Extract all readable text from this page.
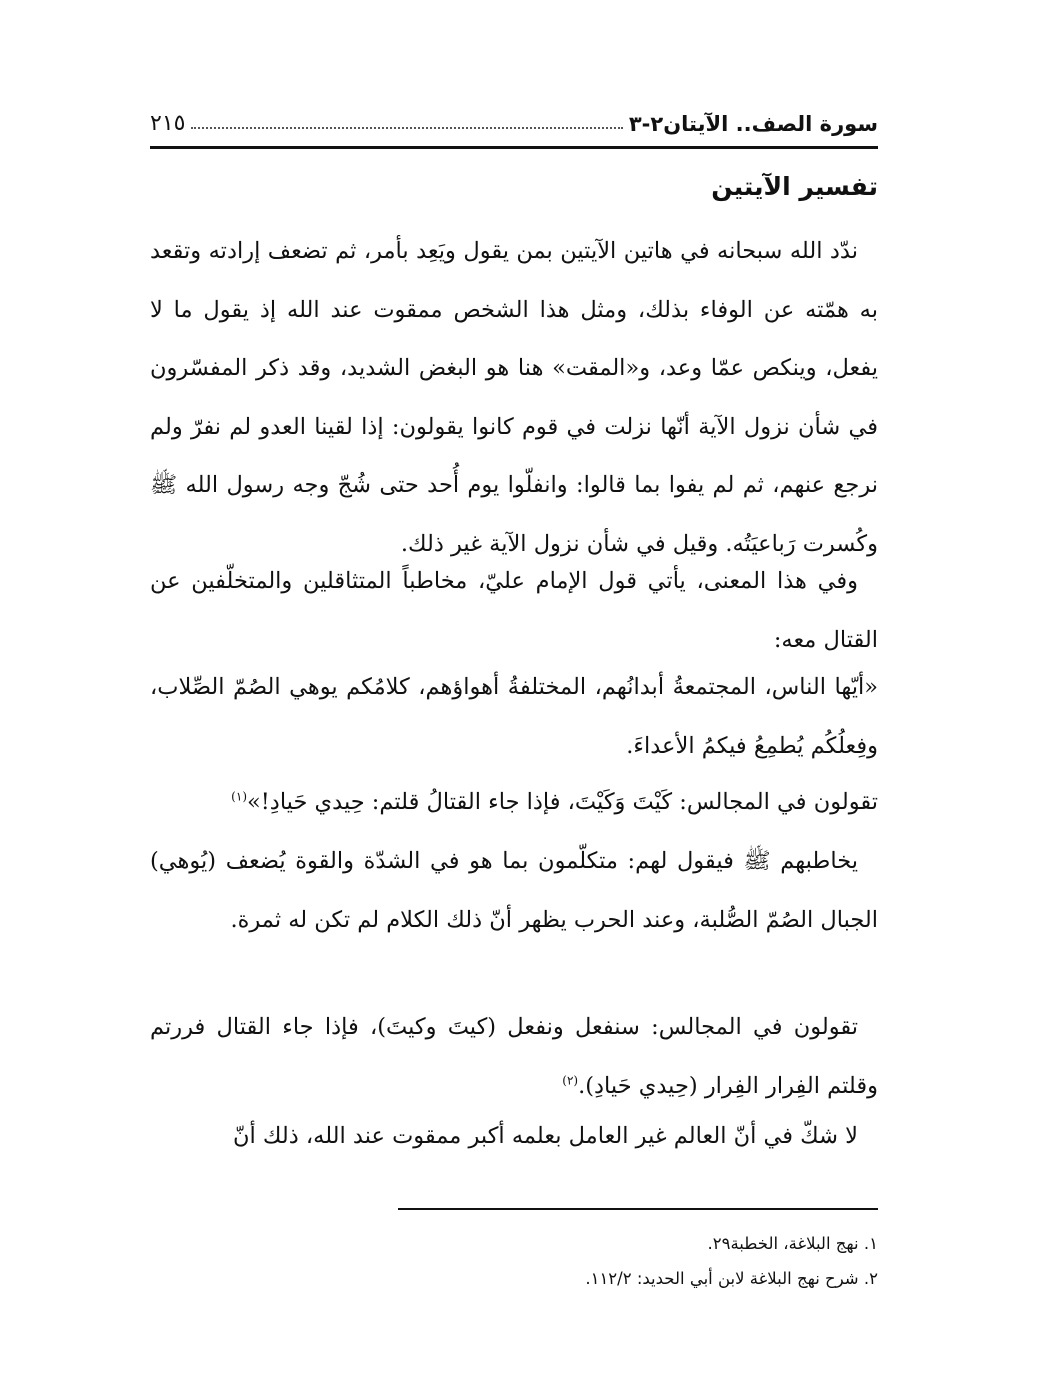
سورة الصف.. الآيتان٢-٣
٢١٥
تفسير الآيتين

ندّد الله سبحانه في هاتين الآيتين بمن يقول ويَعِد بأمر، ثم تضعف إرادته وتقعد به همّته عن الوفاء بذلك، ومثل هذا الشخص ممقوت عند الله إذ يقول ما لا يفعل، وينكص عمّا وعد، و«المقت» هنا هو البغض الشديد، وقد ذكر المفسّرون في شأن نزول الآية أنّها نزلت في قوم كانوا يقولون: إذا لقينا العدو لم نفرّ ولم نرجع عنهم، ثم لم يفوا بما قالوا: وانفلّوا يوم أُحد حتى شُجّ وجه رسول الله ﷺ وكُسرت رَباعيَتُه. وقيل في شأن نزول الآية غير ذلك.

وفي هذا المعنى، يأتي قول الإمام عليّ، مخاطباً المتثاقلين والمتخلّفين عن القتال معه:

«أيّها الناس، المجتمعةُ أبدانُهم، المختلفةُ أهواؤهم، كلامُكم يوهي الصُمّ الصِّلاب، وفِعلُكُم يُطمِعُ فيكمُ الأعداءَ.

تقولون في المجالس: كَيْتَ وَكَيْتَ، فإذا جاء القتالُ قلتم: حِيدي حَيادِ!»$^{(١)}$

يخاطبهم ﷺ فيقول لهم: متكلّمون بما هو في الشدّة والقوة يُضعف (يُوهي) الجبال الصُمّ الصُّلبة، وعند الحرب يظهر أنّ ذلك الكلام لم تكن له ثمرة.

تقولون في المجالس: سنفعل ونفعل (كيتَ وكيتَ)، فإذا جاء القتال فررتم وقلتم الفِرار الفِرار (حِيدي حَيادِ).$^{(٢)}$

لا شكّ في أنّ العالم غير العامل بعلمه أكبر ممقوت عند الله، ذلك أنّ

١. نهج البلاغة، الخطبة٢٩.
٢. شرح نهج البلاغة لابن أبي الحديد: ١١٢/٢.
